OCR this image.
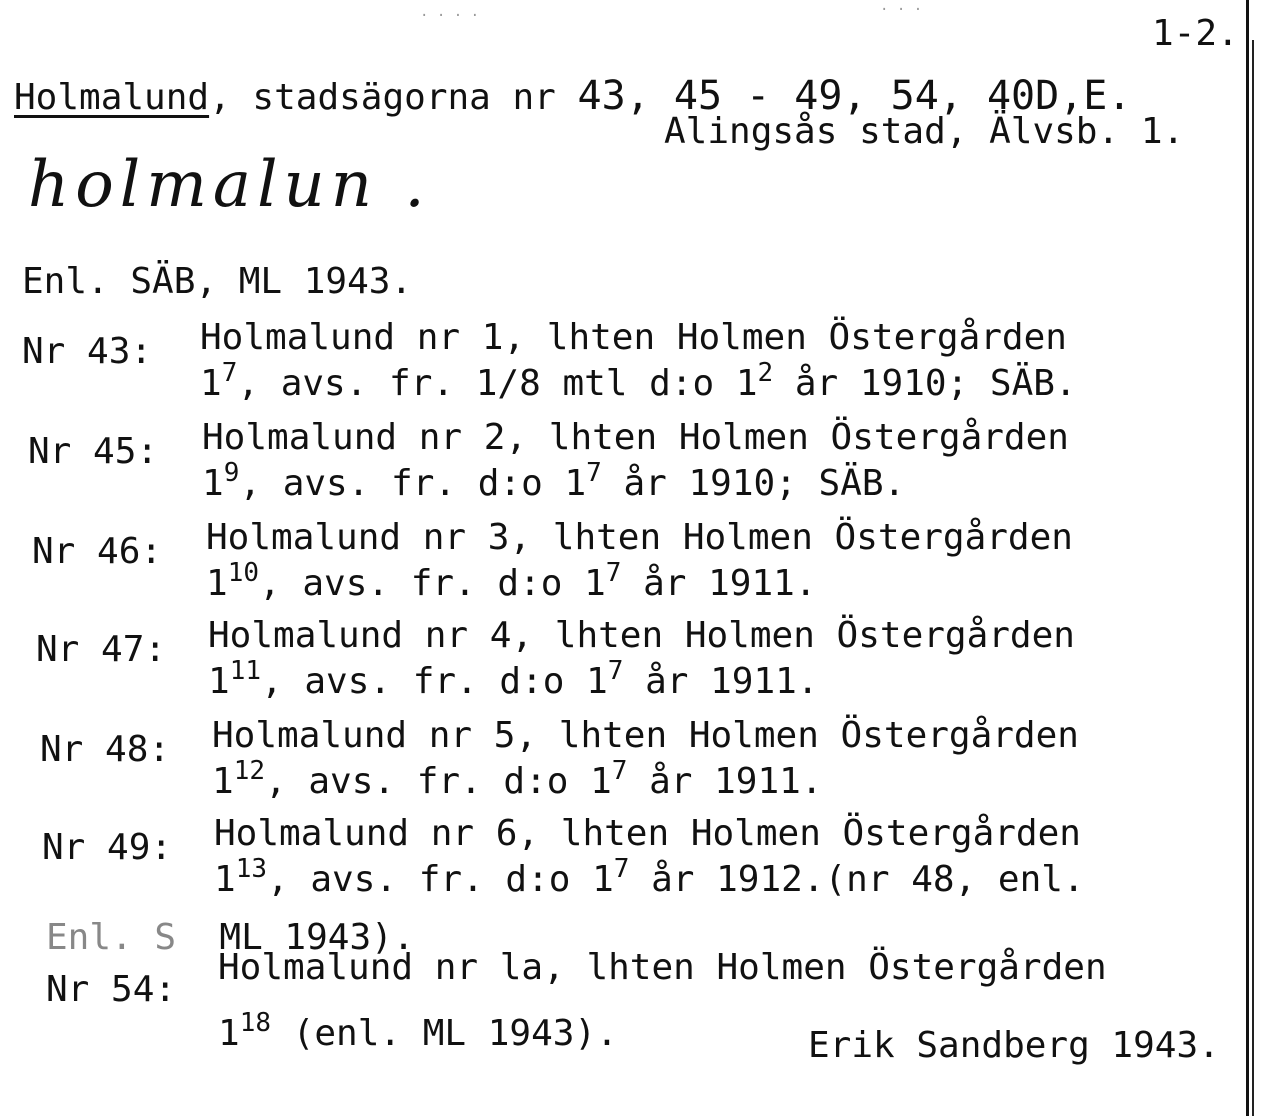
· · · ·	· · ·
1-2.
Holmalund, stadsägorna nr 43, 45 - 49, 54, 40D,E.
Alingsås stad, Älvsb. 1.
holmalun .
Enl. SÄB, ML 1943.
Nr 43: Holmalund nr 1, lhten Holmen Östergården
$1^7$, avs. fr. 1/8 mtl d:o $1^2$ år 1910; SÄB.
Nr 45: Holmalund nr 2, lhten Holmen Östergården
$1^9$, avs. fr. d:o $1^7$ år 1910; SÄB.
Nr 46: Holmalund nr 3, lhten Holmen Östergården
$1^{10}$, avs. fr. d:o $1^7$ år 1911.
Nr 47: Holmalund nr 4, lhten Holmen Östergården
$1^{11}$, avs. fr. d:o $1^7$ år 1911.
Nr 48: Holmalund nr 5, lhten Holmen Östergården
$1^{12}$, avs. fr. d:o $1^7$ år 1911.
Nr 49: Holmalund nr 6, lhten Holmen Östergården
$1^{13}$, avs. fr. d:o $1^7$ år 1912.(nr 48, enl.
Enl. S ML 1943).
Nr 54:
Holmalund nr la, lhten Holmen Östergården
$1^{18}$ (enl. ML 1943).	Erik Sandberg 1943.
